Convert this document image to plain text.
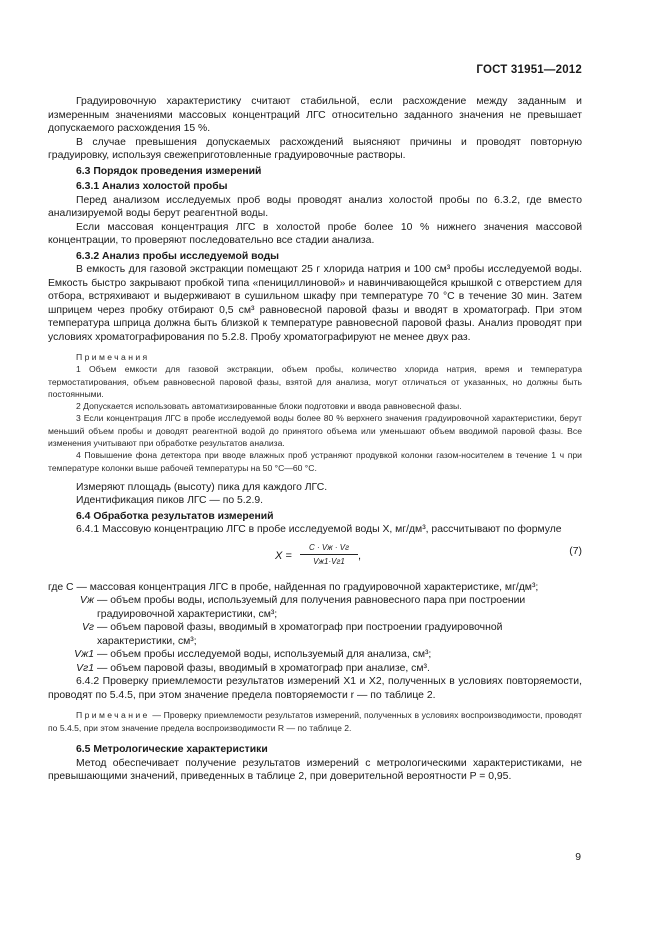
ГОСТ 31951—2012

Градуировочную характеристику считают стабильной, если расхождение между заданным и измеренным значениями массовых концентраций ЛГС относительно заданного значения не превышает допускаемого расхождения 15 %.

В случае превышения допускаемых расхождений выясняют причины и проводят повторную градуировку, используя свежеприготовленные градуировочные растворы.

6.3 Порядок проведения измерений

6.3.1 Анализ холостой пробы

Перед анализом исследуемых проб воды проводят анализ холостой пробы по 6.3.2, где вместо анализируемой воды берут реагентной воды.

Если массовая концентрация ЛГС в холостой пробе более 10 % нижнего значения массовой концентрации, то проверяют последовательно все стадии анализа.

6.3.2 Анализ пробы исследуемой воды

В емкость для газовой экстракции помещают 25 г хлорида натрия и 100 см³ пробы исследуемой воды. Емкость быстро закрывают пробкой типа «пенициллиновой» и навинчивающейся крышкой с отверстием для отбора, встряхивают и выдерживают в сушильном шкафу при температуре 70 °С в течение 30 мин. Затем шприцем через пробку отбирают 0,5 см³ равновесной паровой фазы и вводят в хроматограф. При этом температура шприца должна быть близкой к температуре равновесной паровой фазы. Анализ проводят при условиях хроматографирования по 5.2.8. Пробу хроматографируют не менее двух раз.

Примечания

1 Объем емкости для газовой экстракции, объем пробы, количество хлорида натрия, время и температура термостатирования, объем равновесной паровой фазы, взятой для анализа, могут отличаться от указанных, но должны быть постоянными.

2 Допускается использовать автоматизированные блоки подготовки и ввода равновесной фазы.

3 Если концентрация ЛГС в пробе исследуемой воды более 80 % верхнего значения градуировочной характеристики, берут меньший объем пробы и доводят реагентной водой до принятого объема или уменьшают объем вводимой паровой фазы. Все изменения учитывают при обработке результатов анализа.

4 Повышение фона детектора при вводе влажных проб устраняют продувкой колонки газом-носителем в течение 1 ч при температуре колонки выше рабочей температуры на 50 °С—60 °С.

Измеряют площадь (высоту) пика для каждого ЛГС.

Идентификация пиков ЛГС — по 5.2.9.

6.4 Обработка результатов измерений

6.4.1 Массовую концентрацию ЛГС в пробе исследуемой воды X, мг/дм³, рассчитывают по формуле

X =
C · Vж · Vг
Vж1·Vг1	,	(7)
где C — массовая концентрация ЛГС в пробе, найденная по градуировочной характеристике, мг/дм³;
Vж — объем пробы воды, используемый для получения равновесного пара при построении градуировочной характеристики, см³;
Vг — объем паровой фазы, вводимый в хроматограф при построении градуировочной характеристики, см³;
Vж1 — объем пробы исследуемой воды, используемый для анализа, см³;
Vг1 — объем паровой фазы, вводимый в хроматограф при анализе, см³.

6.4.2 Проверку приемлемости результатов измерений X1 и X2, полученных в условиях повторяемости, проводят по 5.4.5, при этом значение предела повторяемости r — по таблице 2.

Примечание — Проверку приемлемости результатов измерений, полученных в условиях воспроизводимости, проводят по 5.4.5, при этом значение предела воспроизводимости R — по таблице 2.

6.5 Метрологические характеристики

Метод обеспечивает получение результатов измерений с метрологическими характеристиками, не превышающими значений, приведенных в таблице 2, при доверительной вероятности P = 0,95.

9
